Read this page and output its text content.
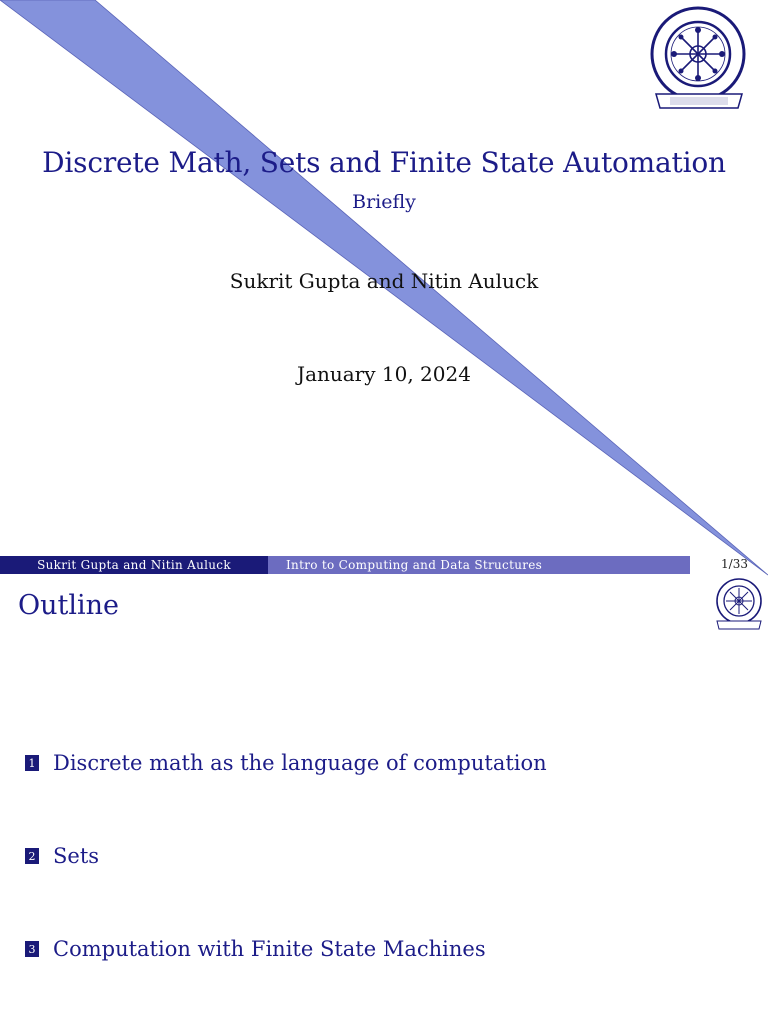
Discrete Math, Sets and Finite State Automation
Briefly
Sukrit Gupta and Nitin Auluck
January 10, 2024
Sukrit Gupta and Nitin Auluck	Intro to Computing and Data Structures	1/33
Outline
1 Discrete math as the language of computation
2 Sets
3 Computation with Finite State Machines
